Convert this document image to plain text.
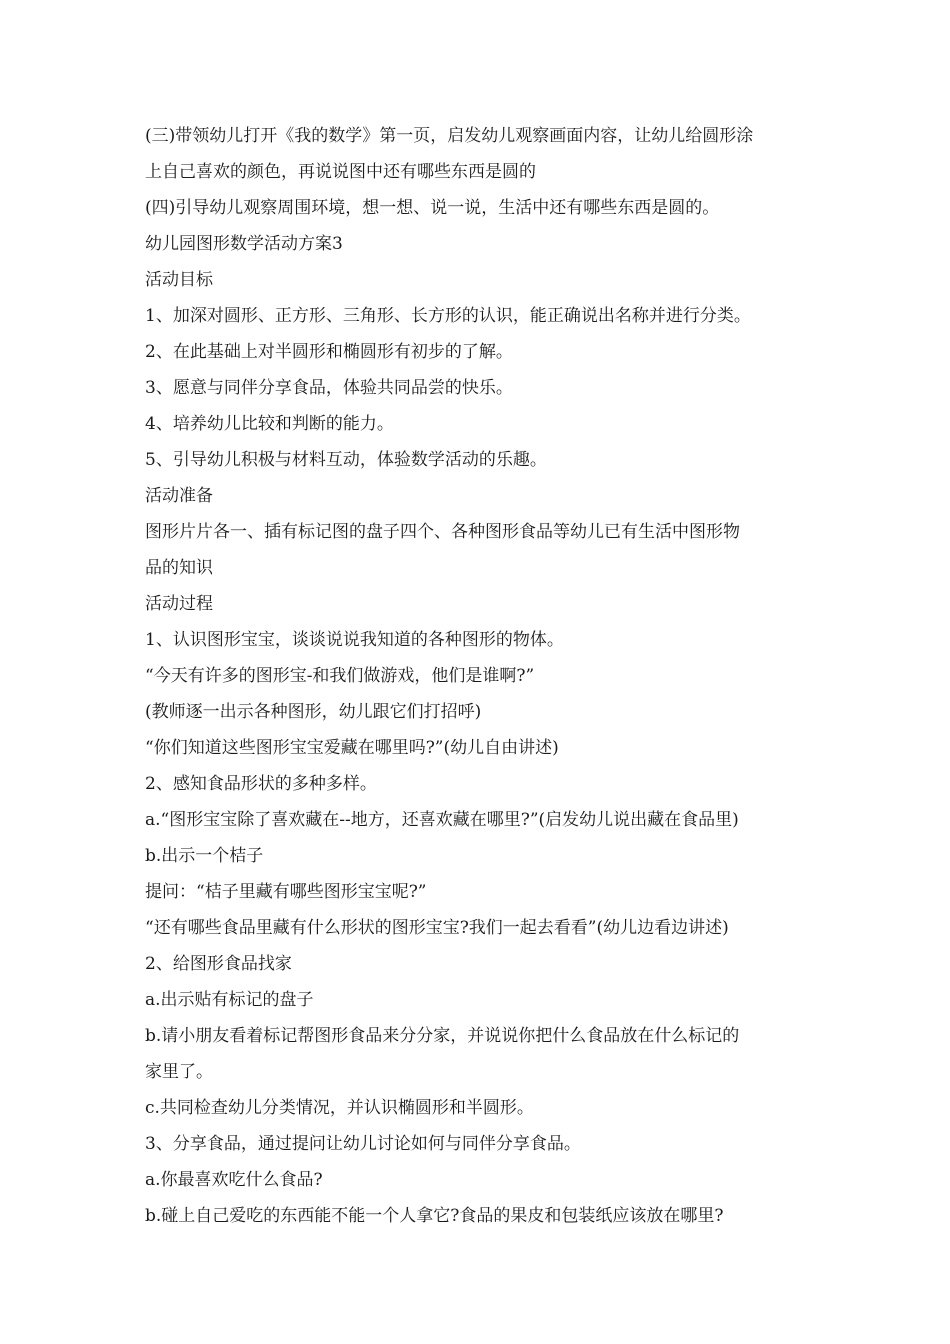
(三)带领幼儿打开《我的数学》第一页，启发幼儿观察画面内容，让幼儿给圆形涂
上自己喜欢的颜色，再说说图中还有哪些东西是圆的
(四)引导幼儿观察周围环境，想一想、说一说，生活中还有哪些东西是圆的。
幼儿园图形数学活动方案3
活动目标
1、加深对圆形、正方形、三角形、长方形的认识，能正确说出名称并进行分类。
2、在此基础上对半圆形和椭圆形有初步的了解。
3、愿意与同伴分享食品，体验共同品尝的快乐。
4、培养幼儿比较和判断的能力。
5、引导幼儿积极与材料互动，体验数学活动的乐趣。
活动准备
图形片片各一、插有标记图的盘子四个、各种图形食品等幼儿已有生活中图形物
品的知识
活动过程
1、认识图形宝宝，谈谈说说我知道的各种图形的物体。
“今天有许多的图形宝-和我们做游戏，他们是谁啊?”
(教师逐一出示各种图形，幼儿跟它们打招呼)
“你们知道这些图形宝宝爱藏在哪里吗?”(幼儿自由讲述)
2、感知食品形状的多种多样。
a.“图形宝宝除了喜欢藏在--地方，还喜欢藏在哪里?”(启发幼儿说出藏在食品里)
b.出示一个桔子
提问：“桔子里藏有哪些图形宝宝呢?”
“还有哪些食品里藏有什么形状的图形宝宝?我们一起去看看”(幼儿边看边讲述)
2、给图形食品找家
a.出示贴有标记的盘子
b.请小朋友看着标记帮图形食品来分分家，并说说你把什么食品放在什么标记的
家里了。
c.共同检查幼儿分类情况，并认识椭圆形和半圆形。
3、分享食品，通过提问让幼儿讨论如何与同伴分享食品。
a.你最喜欢吃什么食品?
b.碰上自己爱吃的东西能不能一个人拿它?食品的果皮和包装纸应该放在哪里?
